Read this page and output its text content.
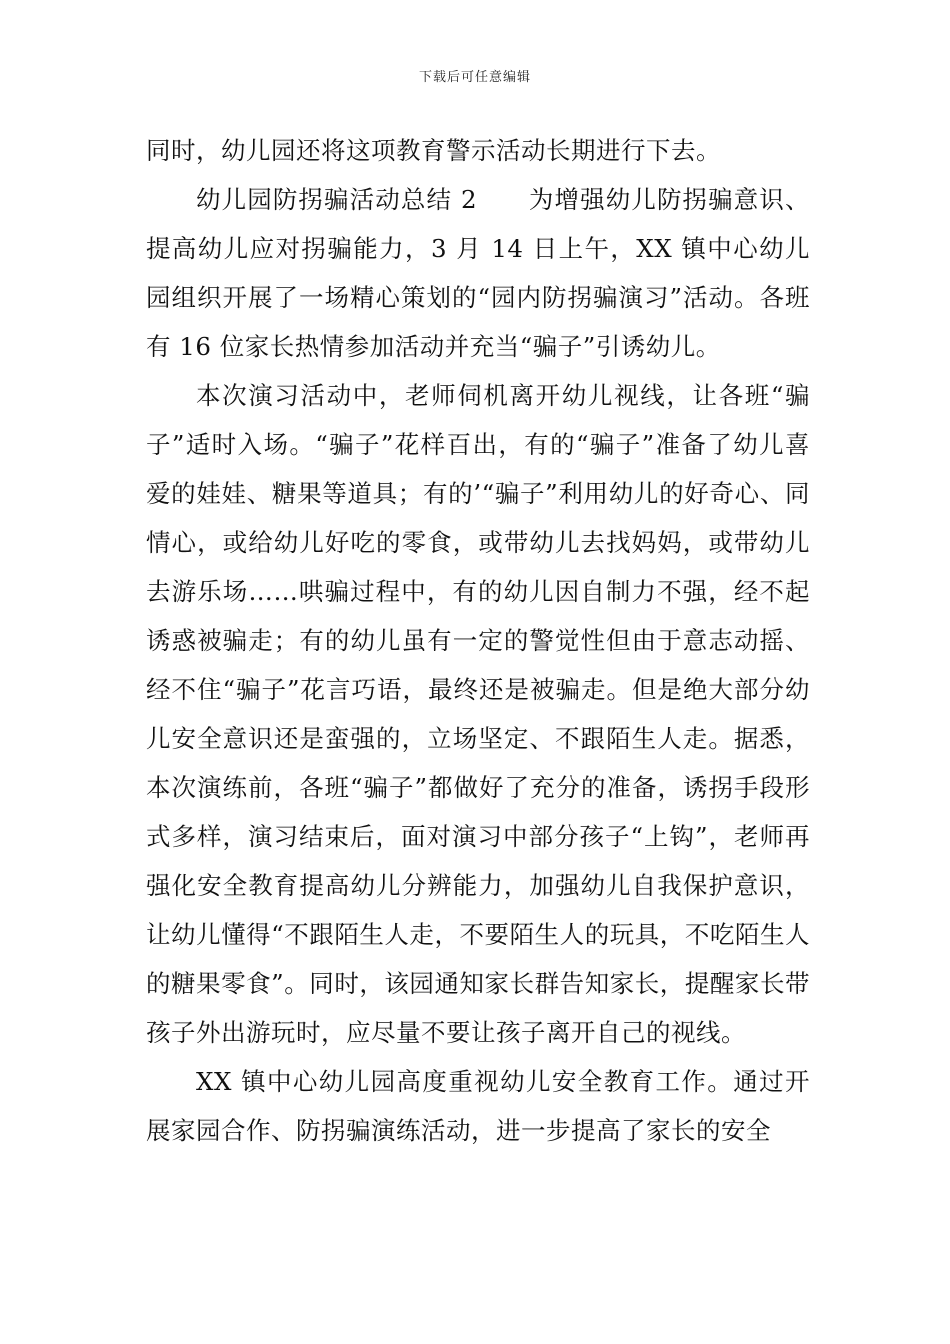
下载后可任意编辑

同时，幼儿园还将这项教育警示活动长期进行下去。

幼儿园防拐骗活动总结 2　　为增强幼儿防拐骗意识、提高幼儿应对拐骗能力，3 月 14 日上午，XX 镇中心幼儿园组织开展了一场精心策划的“园内防拐骗演习”活动。各班有 16 位家长热情参加活动并充当“骗子”引诱幼儿。

本次演习活动中，老师伺机离开幼儿视线，让各班“骗子”适时入场。“骗子”花样百出，有的“骗子”准备了幼儿喜爱的娃娃、糖果等道具；有的’“骗子”利用幼儿的好奇心、同情心，或给幼儿好吃的零食，或带幼儿去找妈妈，或带幼儿去游乐场……哄骗过程中，有的幼儿因自制力不强，经不起诱惑被骗走；有的幼儿虽有一定的警觉性但由于意志动摇、经不住“骗子”花言巧语，最终还是被骗走。但是绝大部分幼儿安全意识还是蛮强的，立场坚定、不跟陌生人走。据悉，本次演练前，各班“骗子”都做好了充分的准备，诱拐手段形式多样，演习结束后，面对演习中部分孩子“上钩”，老师再强化安全教育提高幼儿分辨能力，加强幼儿自我保护意识，让幼儿懂得“不跟陌生人走，不要陌生人的玩具，不吃陌生人的糖果零食”。同时，该园通知家长群告知家长，提醒家长带孩子外出游玩时，应尽量不要让孩子离开自己的视线。

XX 镇中心幼儿园高度重视幼儿安全教育工作。通过开展家园合作、防拐骗演练活动，进一步提高了家长的安全
